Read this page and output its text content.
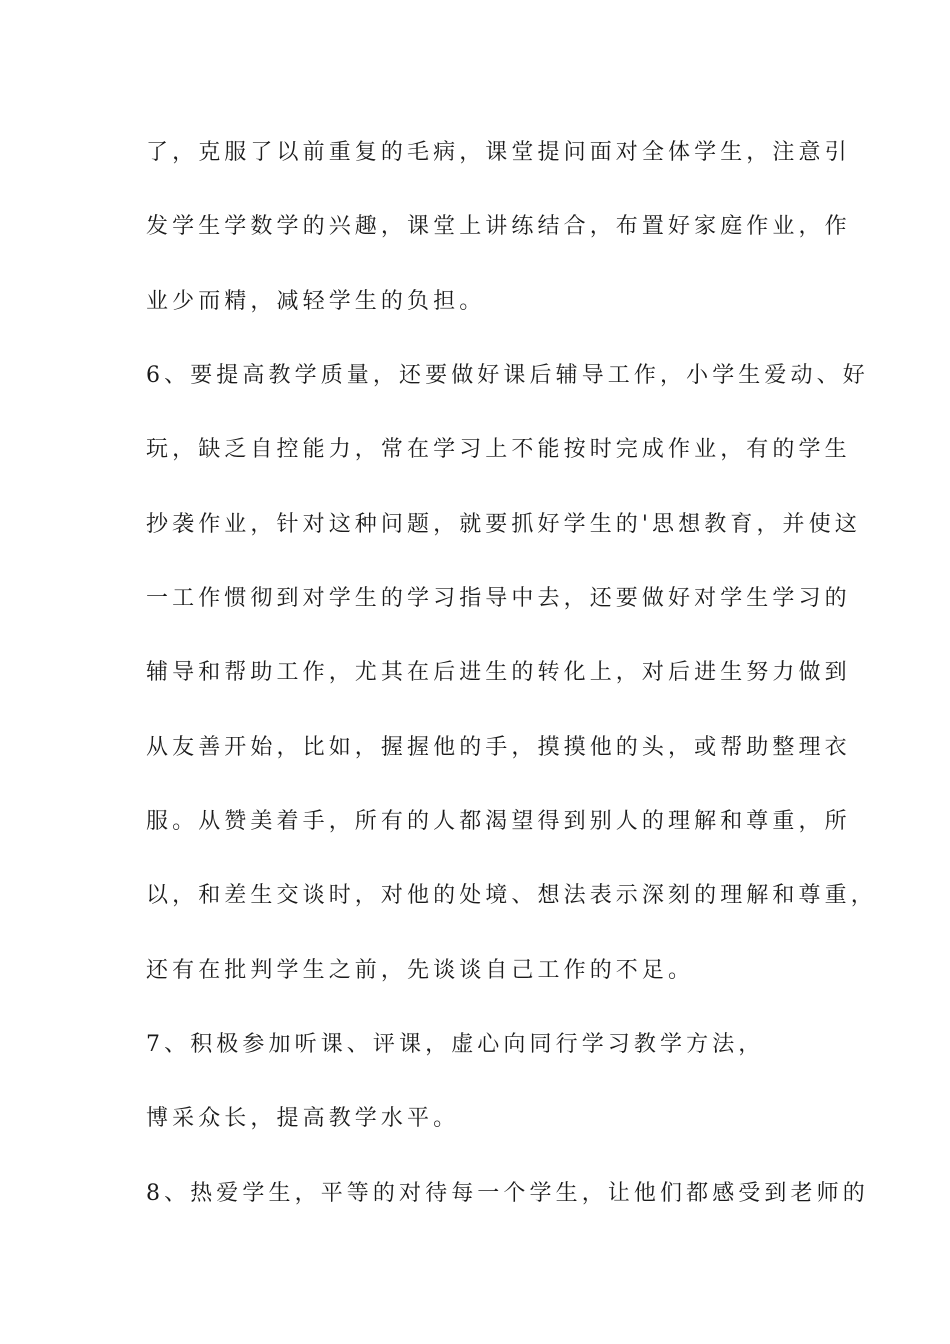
了，克服了以前重复的毛病，课堂提问面对全体学生，注意引

发学生学数学的兴趣，课堂上讲练结合，布置好家庭作业，作

业少而精，减轻学生的负担。

6、要提高教学质量，还要做好课后辅导工作，小学生爱动、好

玩，缺乏自控能力，常在学习上不能按时完成作业，有的学生

抄袭作业，针对这种问题，就要抓好学生的'思想教育，并使这

一工作惯彻到对学生的学习指导中去，还要做好对学生学习的

辅导和帮助工作，尤其在后进生的转化上，对后进生努力做到

从友善开始，比如，握握他的手，摸摸他的头，或帮助整理衣

服。从赞美着手，所有的人都渴望得到别人的理解和尊重，所

以，和差生交谈时，对他的处境、想法表示深刻的理解和尊重，

还有在批判学生之前，先谈谈自己工作的不足。

7、积极参加听课、评课，虚心向同行学习教学方法，

博采众长，提高教学水平。

8、热爱学生，平等的对待每一个学生，让他们都感受到老师的
